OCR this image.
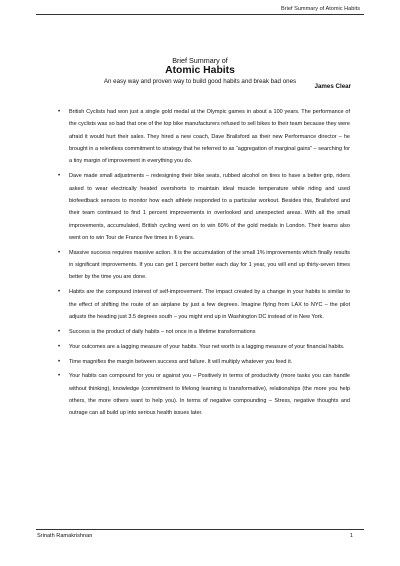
Brief Summary of Atomic Habits

Brief Summary of

Atomic Habits

An easy way and proven way to build good habits and break bad ones

James Clear
• British Cyclists had won just a single gold medal at the Olympic games in about a 100 years. The performance of the cyclists was so bad that one of the top bike manufacturers refused to sell bikes to their team because they were afraid it would hurt their sales. They hired a new coach, Dave Brailsford as their new Performance director – he brought in a relentless commitment to strategy that he referred to as “aggregation of marginal gains” – searching for a tiny margin of improvement in everything you do.
• Dave made small adjustments – redesigning their bike seats, rubbed alcohol on tires to have a better grip, riders asked to wear electrically heated overshorts to maintain ideal muscle temperature while riding and used biofeedback sensors to monitor how each athlete responded to a particular workout. Besides this, Brailsford and their team continued to find 1 percent improvements in overlooked and unexpected areas. With all the small improvements, accumulated, British cycling went on to win 60% of the gold medals in London. Their teams also went on to win Tour de France five times in 6 years.
• Massive success requires massive action. It is the accumulation of the small 1% improvements which finally results in significant improvements. If you can get 1 percent better each day for 1 year, you will end up thirty-seven times better by the time you are done.
• Habits are the compound interest of self-improvement. The impact created by a change in your habits is similar to the effect of shifting the route of an airplane by just a few degrees. Imagine flying from LAX to NYC – the pilot adjusts the heading just 3.5 degrees south – you might end up in Washington DC instead of in New York.
• Success is the product of daily habits – not once in a lifetime transformations
• Your outcomes are a lagging measure of your habits. Your net worth is a lagging measure of your financial habits.
• Time magnifies the margin between success and failure. It will multiply whatever you feed it.
• Your habits can compound for you or against you – Positively in terms of productivity (more tasks you can handle without thinking), knowledge (commitment to lifelong learning is transformative), relationships (the more you help others, the more others want to help you). In terms of negative compounding – Stress, negative thoughts and outrage can all build up into serious health issues later.
Srinath Ramakrishnan	1
